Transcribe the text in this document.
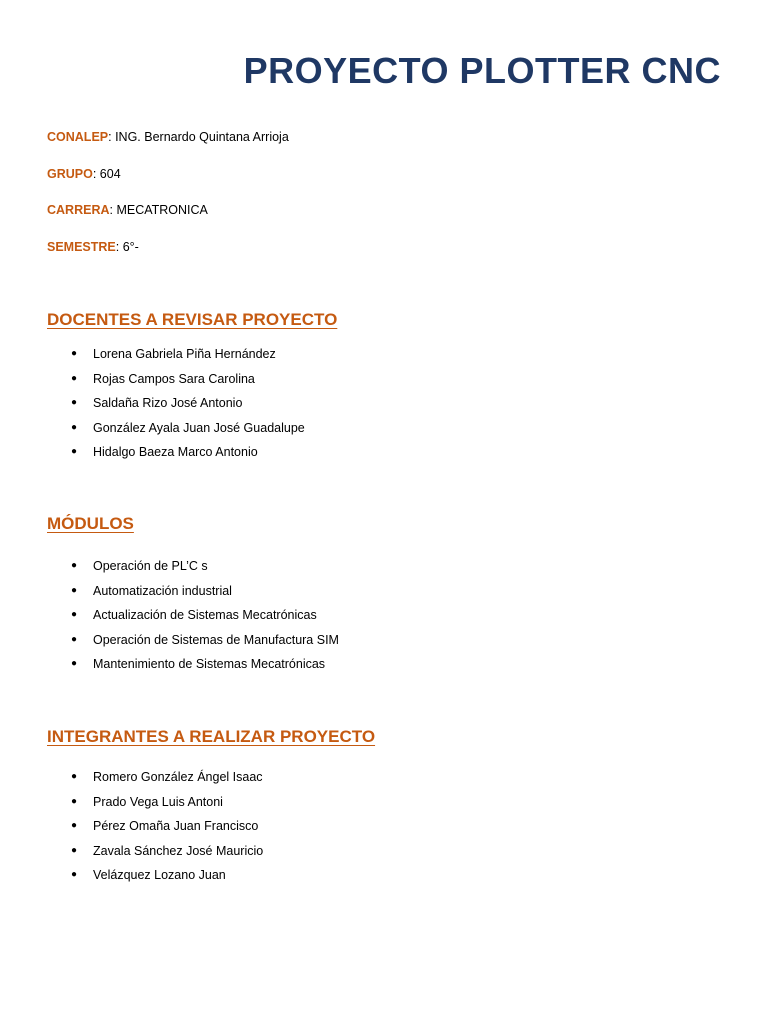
PROYECTO PLOTTER CNC
CONALEP: ING. Bernardo Quintana Arrioja
GRUPO: 604
CARRERA: MECATRONICA
SEMESTRE: 6°-
DOCENTES A REVISAR PROYECTO
● Lorena Gabriela Piña Hernández
● Rojas Campos Sara Carolina
● Saldaña Rizo José Antonio
● González Ayala Juan José Guadalupe
● Hidalgo Baeza Marco Antonio
MÓDULOS
● Operación de PL’C s
● Automatización industrial
● Actualización de Sistemas Mecatrónicas
● Operación de Sistemas de Manufactura SIM
● Mantenimiento de Sistemas Mecatrónicas
INTEGRANTES A REALIZAR PROYECTO
● Romero González Ángel Isaac
● Prado Vega Luis Antoni
● Pérez Omaña Juan Francisco
● Zavala Sánchez José Mauricio
● Velázquez Lozano Juan
